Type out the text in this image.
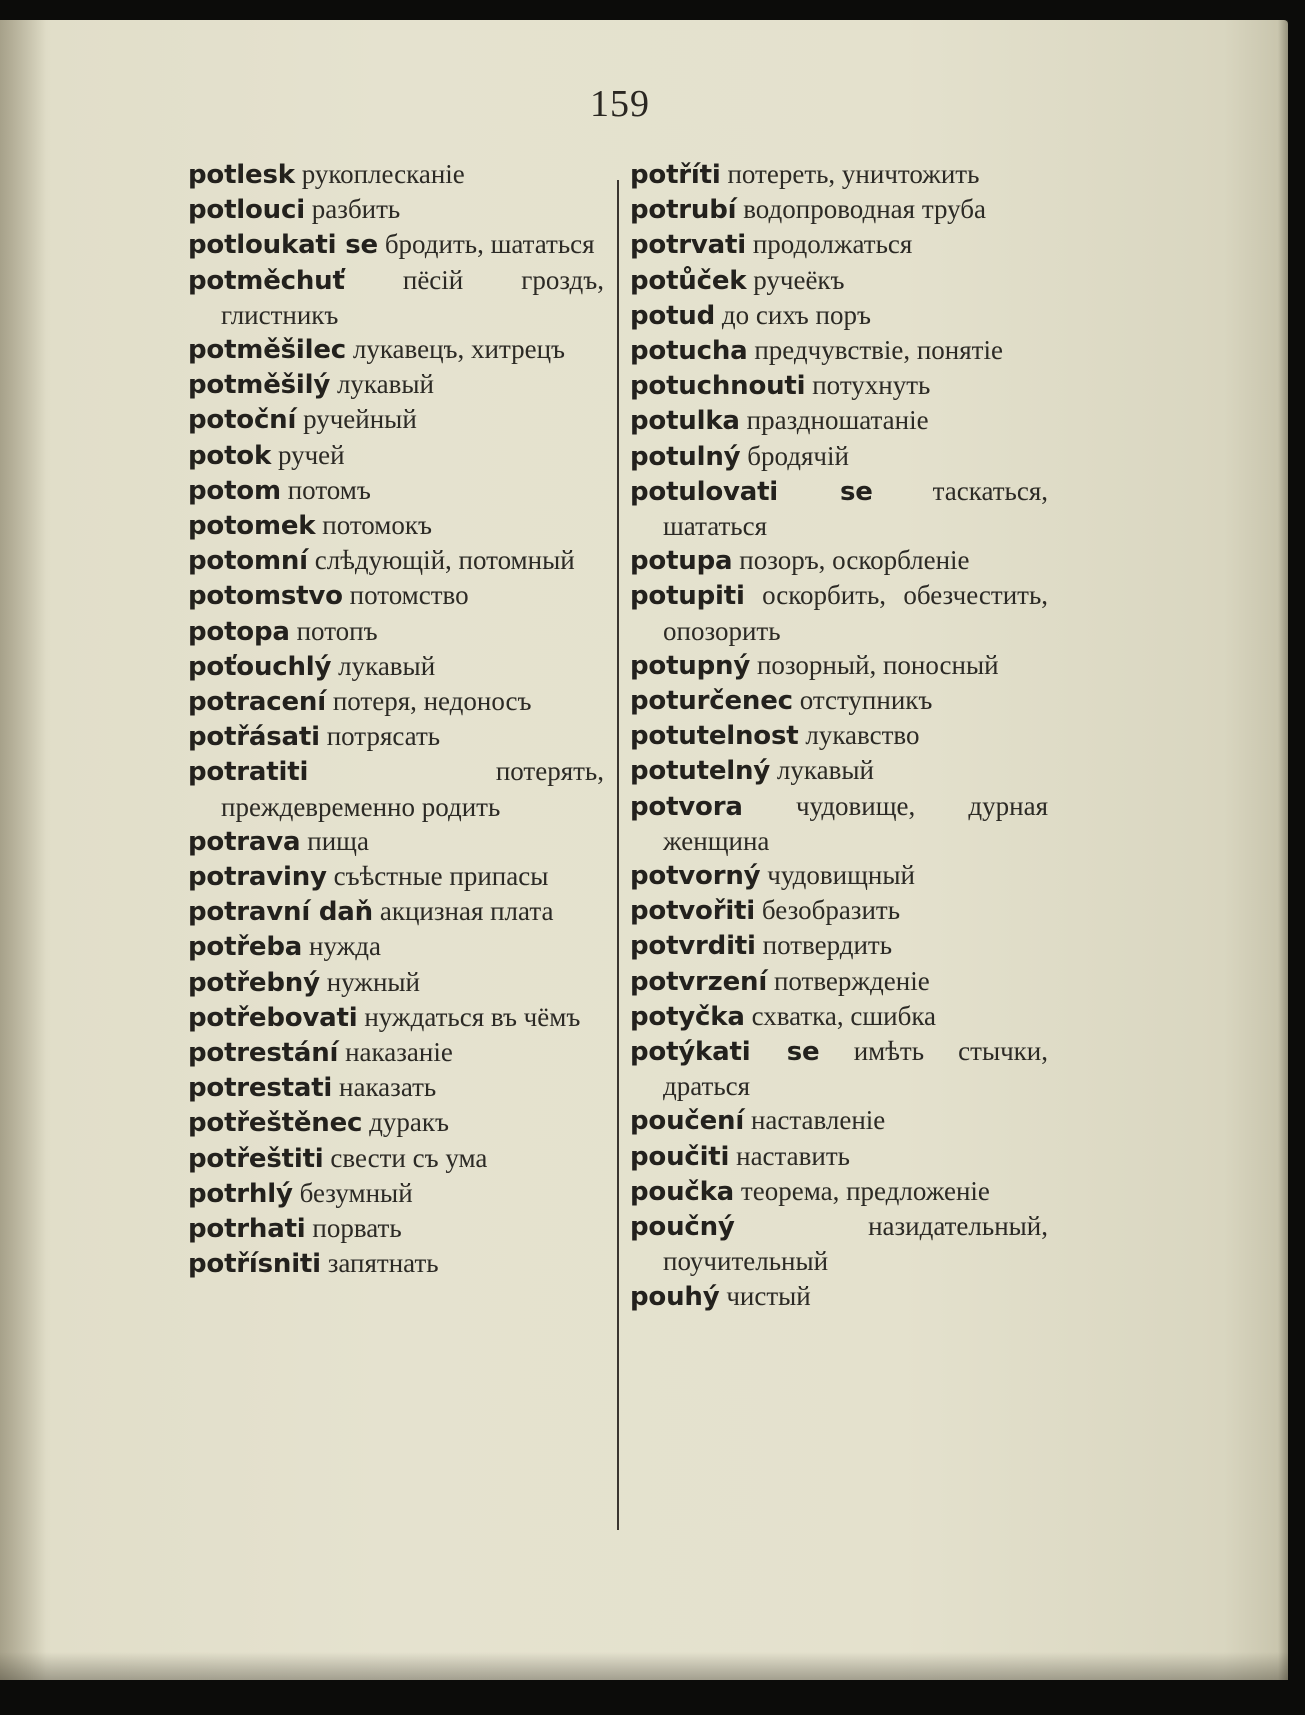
159
potlesk рукоплесканіе
potlouci разбить
potloukati se бродить, шататься
potměchuť пёсій гроздъ, глистникъ
potměšilec лукавецъ, хитрецъ
potměšilý лукавый
potoční ручейный
potok ручей
potom потомъ
potomek потомокъ
potomní слѣдующій, потомный
potomstvo потомство
potopa потопъ
poťouchlý лукавый
potracení потеря, недоносъ
potřásati потрясать
potratiti	потерять, преждевременно родить
potrava пища
potraviny съѣстные припасы
potravní daň акцизная плата
potřeba нужда
potřebný нужный
potřebovati нуждаться въ чёмъ
potrestání наказаніе
potrestati наказать
potřeštěnec дуракъ
potřeštiti свести съ ума
potrhlý безумный
potrhati порвать
potřísniti запятнать
potříti потереть, уничтожить
potrubí водопроводная труба
potrvati продолжаться
potůček ручеёкъ
potud до сихъ поръ
potucha предчувствіе, понятіе
potuchnouti потухнуть
potulka праздношатаніе
potulný бродячій
potulovati se таскаться, шататься
potupa позоръ, оскорбленіе
potupiti оскорбить, обезчестить, опозорить
potupný позорный, поносный
poturčenec отступникъ
potutelnost лукавство
potutelný лукавый
potvora чудовище, дурная женщина
potvorný чудовищный
potvořiti безобразить
potvrditi потвердить
potvrzení потвержденіе
potyčka схватка, сшибка
potýkati se имѣть стычки, драться
poučení наставленіе
poučiti наставить
poučka теорема, предложеніе
poučný	назидательный, поучительный
pouhý чистый
